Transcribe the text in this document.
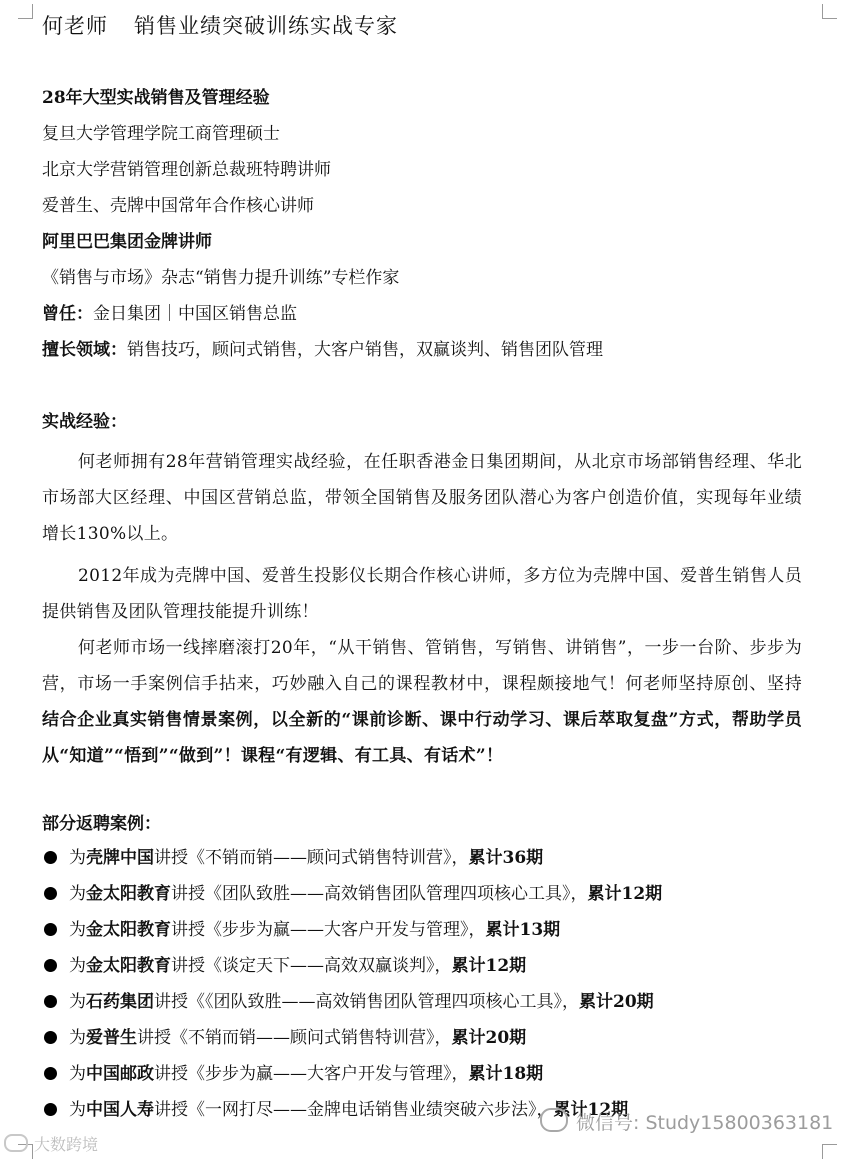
何老师 销售业绩突破训练实战专家
28年大型实战销售及管理经验
复旦大学管理学院工商管理硕士
北京大学营销管理创新总裁班特聘讲师
爱普生、壳牌中国常年合作核心讲师
阿里巴巴集团金牌讲师
《销售与市场》杂志“销售力提升训练”专栏作家
曾任：金日集团｜中国区销售总监
擅长领域：销售技巧，顾问式销售，大客户销售，双赢谈判、销售团队管理
实战经验：
何老师拥有28年营销管理实战经验，在任职香港金日集团期间，从北京市场部销售经理、华北市场部大区经理、中国区营销总监，带领全国销售及服务团队潜心为客户创造价值，实现每年业绩增长130%以上。
2012年成为壳牌中国、爱普生投影仪长期合作核心讲师，多方位为壳牌中国、爱普生销售人员提供销售及团队管理技能提升训练！
何老师市场一线摔磨滚打20年，“从干销售、管销售，写销售、讲销售”，一步一台阶、步步为营，市场一手案例信手拈来，巧妙融入自己的课程教材中，课程颇接地气！何老师坚持原创、坚持结合企业真实销售情景案例，以全新的“课前诊断、课中行动学习、课后萃取复盘”方式，帮助学员从“知道”“悟到”“做到”！课程“有逻辑、有工具、有话术”！
部分返聘案例：
为壳牌中国讲授《不销而销——顾问式销售特训营》，累计36期
为金太阳教育讲授《团队致胜——高效销售团队管理四项核心工具》，累计12期
为金太阳教育讲授《步步为赢——大客户开发与管理》，累计13期
为金太阳教育讲授《谈定天下——高效双赢谈判》，累计12期
为石药集团讲授《《团队致胜——高效销售团队管理四项核心工具》，累计20期
为爱普生讲授《不销而销——顾问式销售特训营》，累计20期
为中国邮政讲授《步步为赢——大客户开发与管理》，累计18期
为中国人寿讲授《一网打尽——金牌电话销售业绩突破六步法》，累计12期
大数跨境
微信号: Study15800363181
